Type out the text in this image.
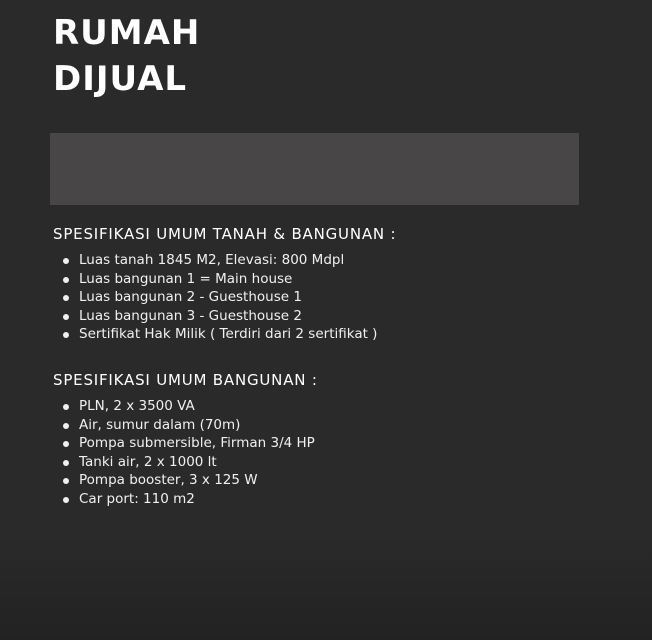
RUMAH
DIJUAL
SPESIFIKASI UMUM TANAH & BANGUNAN :
Luas tanah 1845 M2, Elevasi: 800 Mdpl
Luas bangunan 1 = Main house
Luas bangunan 2 - Guesthouse 1
Luas bangunan 3 - Guesthouse 2
Sertifikat Hak Milik ( Terdiri dari 2 sertifikat )
SPESIFIKASI UMUM BANGUNAN :
PLN, 2 x 3500 VA
Air, sumur dalam (70m)
Pompa submersible, Firman 3/4 HP
Tanki air, 2 x 1000 lt
Pompa booster, 3 x 125 W
Car port: 110 m2
